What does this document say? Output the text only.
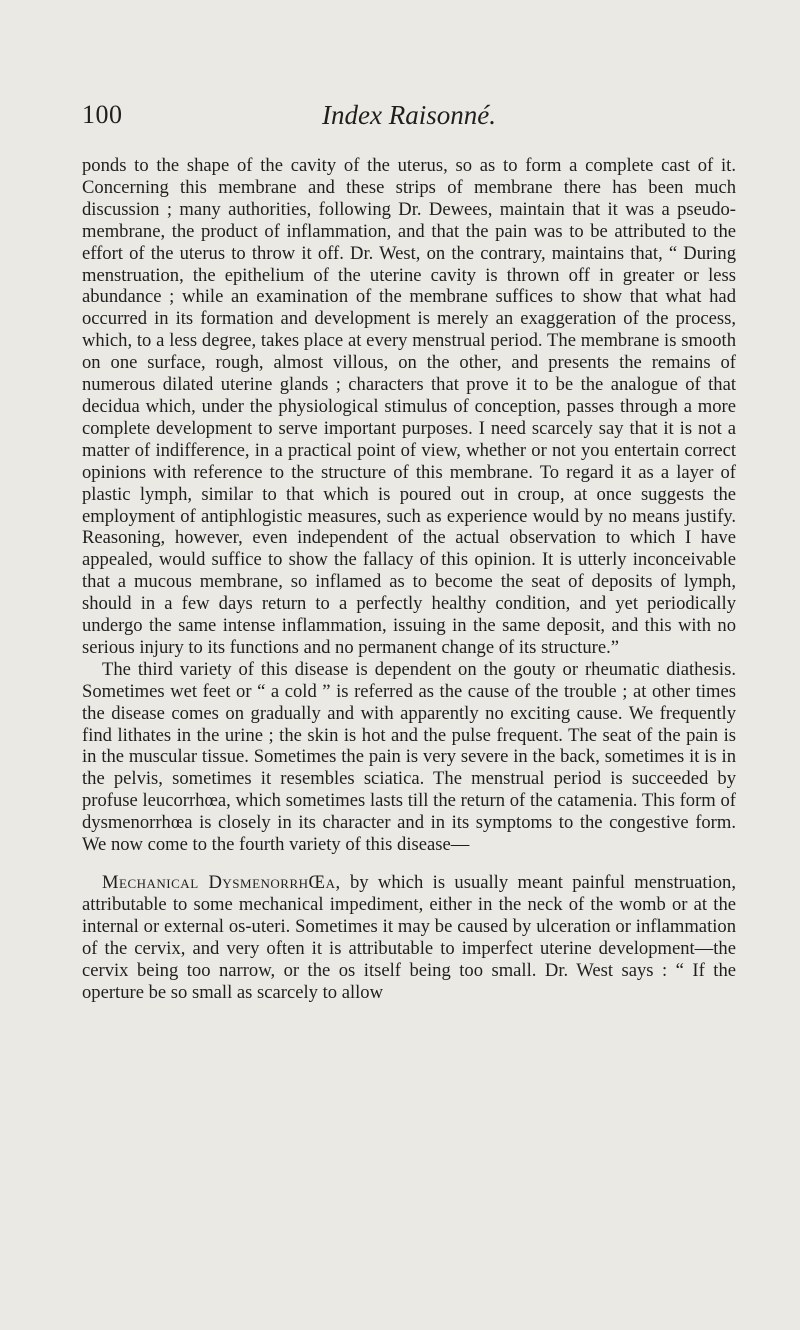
100	Index Raisonné.

ponds to the shape of the cavity of the uterus, so as to form a complete cast of it. Concerning this membrane and these strips of membrane there has been much discussion ; many authorities, following Dr. Dewees, maintain that it was a pseudo-membrane, the product of inflammation, and that the pain was to be attributed to the effort of the uterus to throw it off. Dr. West, on the contrary, maintains that, “ During menstruation, the epithelium of the uterine cavity is thrown off in greater or less abundance ; while an examination of the membrane suffices to show that what had occurred in its formation and development is merely an exaggeration of the process, which, to a less degree, takes place at every menstrual period. The membrane is smooth on one surface, rough, almost villous, on the other, and presents the remains of numerous dilated uterine glands ; characters that prove it to be the analogue of that decidua which, under the physiological stimulus of conception, passes through a more complete development to serve important purposes. I need scarcely say that it is not a matter of indifference, in a practical point of view, whether or not you entertain correct opinions with reference to the structure of this membrane. To regard it as a layer of plastic lymph, similar to that which is poured out in croup, at once suggests the employment of antiphlogistic measures, such as experience would by no means justify. Reasoning, however, even independent of the actual observation to which I have appealed, would suffice to show the fallacy of this opinion. It is utterly inconceivable that a mucous membrane, so inflamed as to become the seat of deposits of lymph, should in a few days return to a perfectly healthy condition, and yet periodically undergo the same intense inflammation, issuing in the same deposit, and this with no serious injury to its functions and no permanent change of its structure.”

The third variety of this disease is dependent on the gouty or rheumatic diathesis. Sometimes wet feet or “ a cold ” is referred as the cause of the trouble ; at other times the disease comes on gradually and with apparently no exciting cause. We frequently find lithates in the urine ; the skin is hot and the pulse frequent. The seat of the pain is in the muscular tissue. Sometimes the pain is very severe in the back, sometimes it is in the pelvis, sometimes it resembles sciatica. The menstrual period is succeeded by profuse leucorrhœa, which sometimes lasts till the return of the catamenia. This form of dysmenorrhœa is closely in its character and in its symptoms to the congestive form. We now come to the fourth variety of this disease—

Mechanical DysmenorrhŒa, by which is usually meant painful menstruation, attributable to some mechanical impediment, either in the neck of the womb or at the internal or external os-uteri. Sometimes it may be caused by ulceration or inflammation of the cervix, and very often it is attributable to imperfect uterine development—the cervix being too narrow, or the os itself being too small. Dr. West says : “ If the operture be so small as scarcely to allow
